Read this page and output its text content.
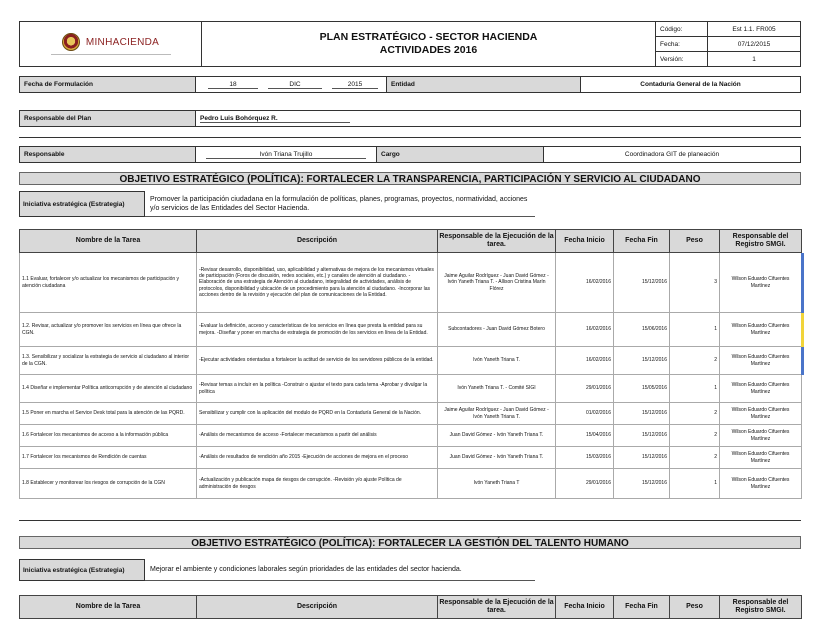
MINHACIENDA	PLAN ESTRATÉGICO - SECTOR HACIENDA
ACTIVIDADES 2016	Código:	Est 1.1. FR005
		Fecha:	07/12/2015
		Versión:	1
Fecha de Formulación	18	DIC	2015	Entidad	Contaduría General de la Nación
Responsable del Plan	Pedro Luis Bohórquez R.
Responsable	Ivón Triana Trujillo	Cargo	Coordinadora GIT de planeación
OBJETIVO ESTRATÉGICO (POLÍTICA): FORTALECER LA TRANSPARENCIA, PARTICIPACIÓN Y SERVICIO AL CIUDADANO
Iniciativa estratégica (Estrategia)
Promover la participación ciudadana en la formulación de políticas, planes, programas, proyectos, normatividad, acciones y/o servicios de las Entidades del Sector Hacienda.
Nombre de la Tarea	Descripción	Responsable de la Ejecución de la tarea.	Fecha Inicio	Fecha Fin	Peso	Responsable del Registro SMGI.
1.1 Evaluar, fortalecer y/o actualizar los mecanismos de participación y atención ciudadana	-Revisar desarrollo, disponibilidad, uso, aplicabilidad y alternativas de mejora de los mecanismos virtuales de participación (Foros de discusión, redes sociales, etc.) y canales de atención al ciudadano. -Elaboración de una estrategia de Atención al ciudadano, integralidad de actividades, análisis de protocolos, disponibilidad y ubicación de un procedimiento para la atención al ciudadano. -Incorporar las acciones dentro de la revisión y ejecución del plan de comunicaciones de la Entidad.	Jaime Aguilar Rodríguez - Juan David Gómez - Ivón Yaneth Triana T. - Allison Cristina Marín Flórez	16/02/2016	15/12/2016	3	Wilson Eduardo Cifuentes Martínez
1.2. Revisar, actualizar y/o promover los servicios en línea que ofrece la CGN.	-Evaluar la definición, acceso y características de los servicios en línea que presta la entidad para su mejora. -Diseñar y poner en marcha de estrategia de promoción de los servicios en línea de la Entidad.	Subcontadores - Juan David Gómez Botero	16/02/2016	15/06/2016	1	Wilson Eduardo Cifuentes Martínez
1.3. Sensibilizar y socializar la estrategia de servicio al ciudadano al interior de la CGN.	-Ejecutar actividades orientadas a fortalecer la actitud de servicio de los servidores públicos de la entidad.	Ivón Yaneth Triana T.	16/02/2016	15/12/2016	2	Wilson Eduardo Cifuentes Martínez
1.4 Diseñar e implementar Política anticorrupción y de atención al ciudadano	-Revisar temas a incluir en la política -Construir o ajustar el texto para cada tema -Aprobar y divulgar la política	Ivón Yaneth Triana T. - Comité SIGI	29/01/2016	15/05/2016	1	Wilson Eduardo Cifuentes Martínez
1.5 Poner en marcha el Service Desk total para la atención de las PQRD.	Sensibilizar y cumplir con la aplicación del modulo de PQRD en la Contaduría General de la Nación.	Jaime Aguilar Rodríguez - Juan David Gómez - Ivón Yaneth Triana T.	01/02/2016	15/12/2016	2	Wilson Eduardo Cifuentes Martínez
1.6 Fortalecer los mecanismos de acceso a la información pública	-Análisis de mecanismos de acceso -Fortalecer mecanismos a partir del análisis	Juan David Gómez - Ivón Yaneth Triana T.	15/04/2016	15/12/2016	2	Wilson Eduardo Cifuentes Martínez
1.7 Fortalecer los mecanismos de Rendición de cuentas	-Análisis de resultados de rendición año 2015 -Ejecución de acciones de mejora en el proceso	Juan David Gómez - Ivón Yaneth Triana T.	15/03/2016	15/12/2016	2	Wilson Eduardo Cifuentes Martínez
1.8 Establecer y monitorear los riesgos de corrupción de la CGN	-Actualización y publicación mapa de riesgos de corrupción. -Revisión y/o ajuste Política de administración de riesgos	Ivón Yaneth Triana T	29/01/2016	15/12/2016	1	Wilson Eduardo Cifuentes Martínez
OBJETIVO ESTRATÉGICO (POLÍTICA): FORTALECER LA GESTIÓN DEL TALENTO HUMANO
Iniciativa estratégica (Estrategia)	Mejorar el ambiente y condiciones laborales según prioridades de las entidades del sector hacienda.
Nombre de la Tarea	Descripción	Responsable de la Ejecución de la tarea.	Fecha Inicio	Fecha Fin	Peso	Responsable del Registro SMGI.
